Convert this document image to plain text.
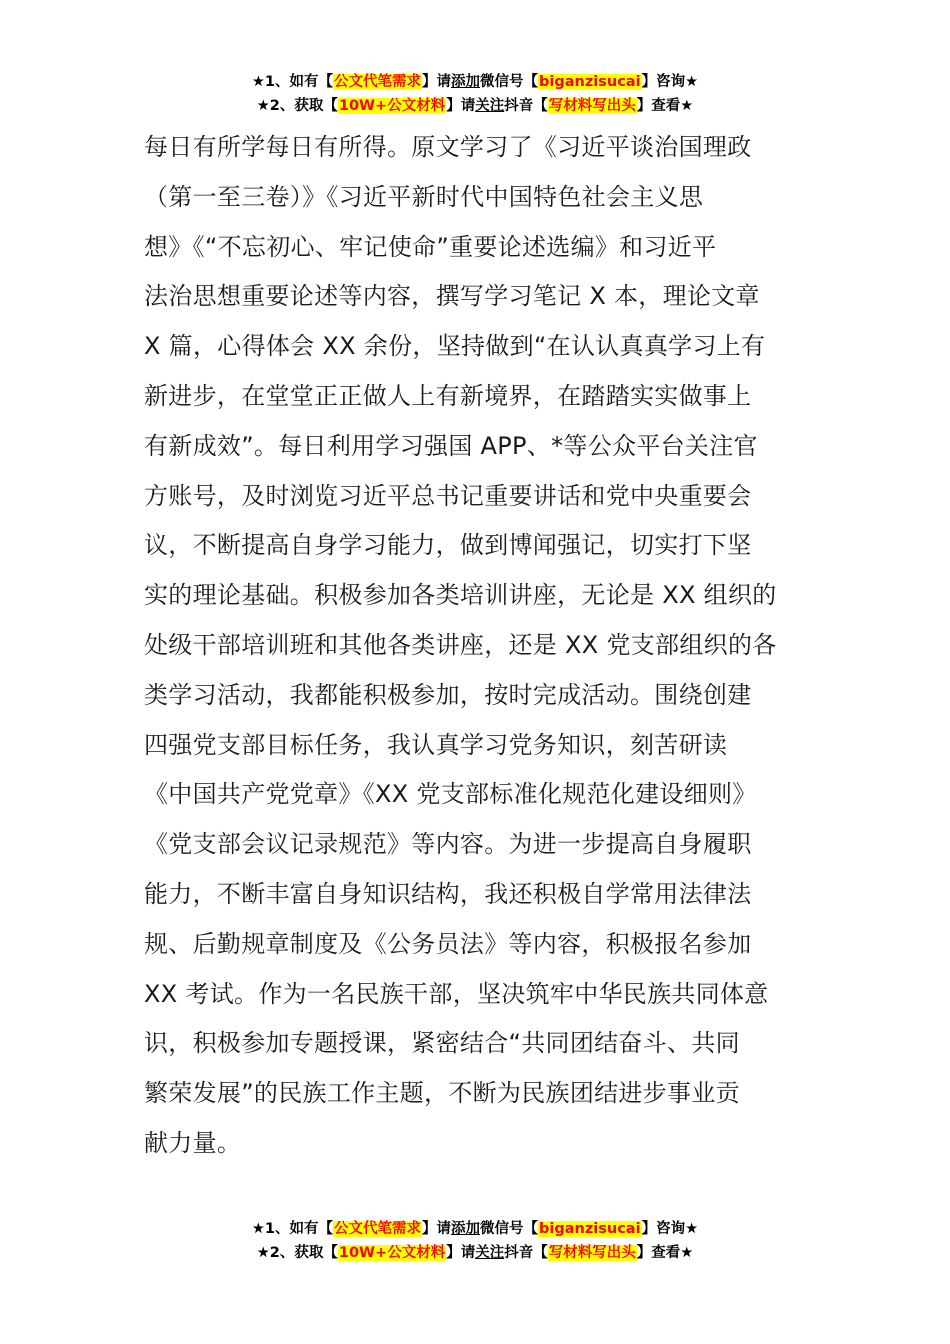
★1、如有【公文代笔需求】请添加微信号【biganzisucai】咨询★
★2、获取【10W+公文材料】请关注抖音【写材料写出头】查看★
每日有所学每日有所得。原文学习了《习近平谈治国理政
（第一至三卷）》《习近平新时代中国特色社会主义思
想》《“不忘初心、牢记使命”重要论述选编》和习近平
法治思想重要论述等内容，撰写学习笔记 X 本，理论文章
X 篇，心得体会 XX 余份，坚持做到“在认认真真学习上有
新进步，在堂堂正正做人上有新境界，在踏踏实实做事上
有新成效”。每日利用学习强国 APP、*等公众平台关注官
方账号，及时浏览习近平总书记重要讲话和党中央重要会
议，不断提高自身学习能力，做到博闻强记，切实打下坚
实的理论基础。积极参加各类培训讲座，无论是 XX 组织的
处级干部培训班和其他各类讲座，还是 XX 党支部组织的各
类学习活动，我都能积极参加，按时完成活动。围绕创建
四强党支部目标任务，我认真学习党务知识，刻苦研读
《中国共产党党章》《XX 党支部标准化规范化建设细则》
《党支部会议记录规范》等内容。为进一步提高自身履职
能力，不断丰富自身知识结构，我还积极自学常用法律法
规、后勤规章制度及《公务员法》等内容，积极报名参加
XX 考试。作为一名民族干部，坚决筑牢中华民族共同体意
识，积极参加专题授课，紧密结合“共同团结奋斗、共同
繁荣发展”的民族工作主题，不断为民族团结进步事业贡
献力量。
★1、如有【公文代笔需求】请添加微信号【biganzisucai】咨询★
★2、获取【10W+公文材料】请关注抖音【写材料写出头】查看★
